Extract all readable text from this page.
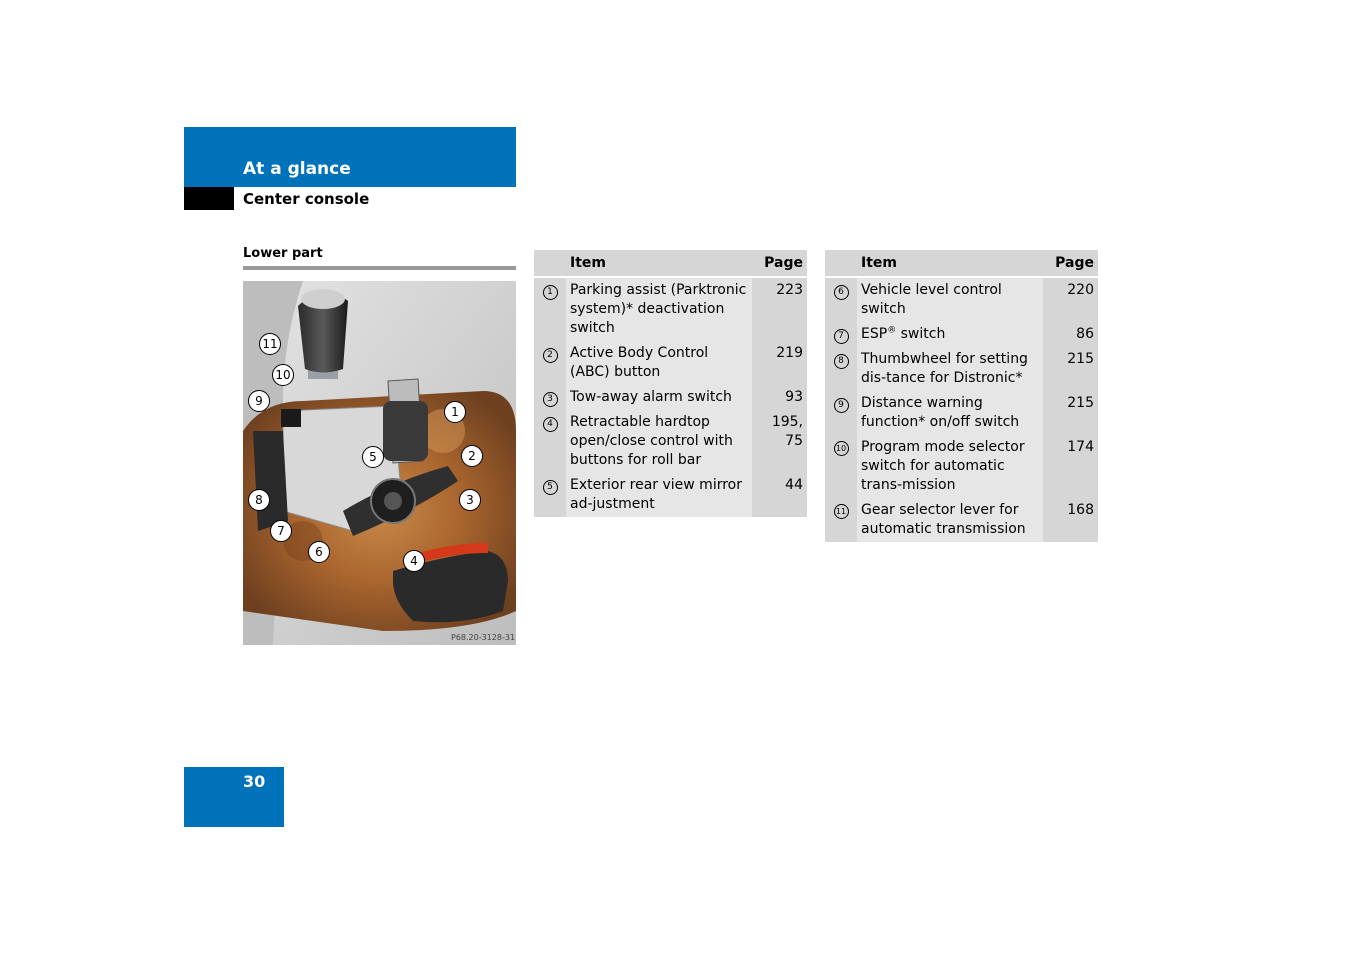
At a glance
Center console
Lower part
P68.20-3128-31
11
10
9
1
5	2
8	3
7
6
4
	Item	Page
1	Parking assist (Parktronic system)* deactivation switch	223
2	Active Body Control (ABC) button	219
3	Tow-away alarm switch	93
4	Retractable hardtop open/close control with buttons for roll bar	195, 75
5	Exterior rear view mirror ad-justment	44
	Item	Page
6	Vehicle level control switch	220
7	ESP® switch	86
8	Thumbwheel for setting dis-tance for Distronic*	215
9	Distance warning function* on/off switch	215
10	Program mode selector switch for automatic trans-mission	174
11	Gear selector lever for automatic transmission	168
30
